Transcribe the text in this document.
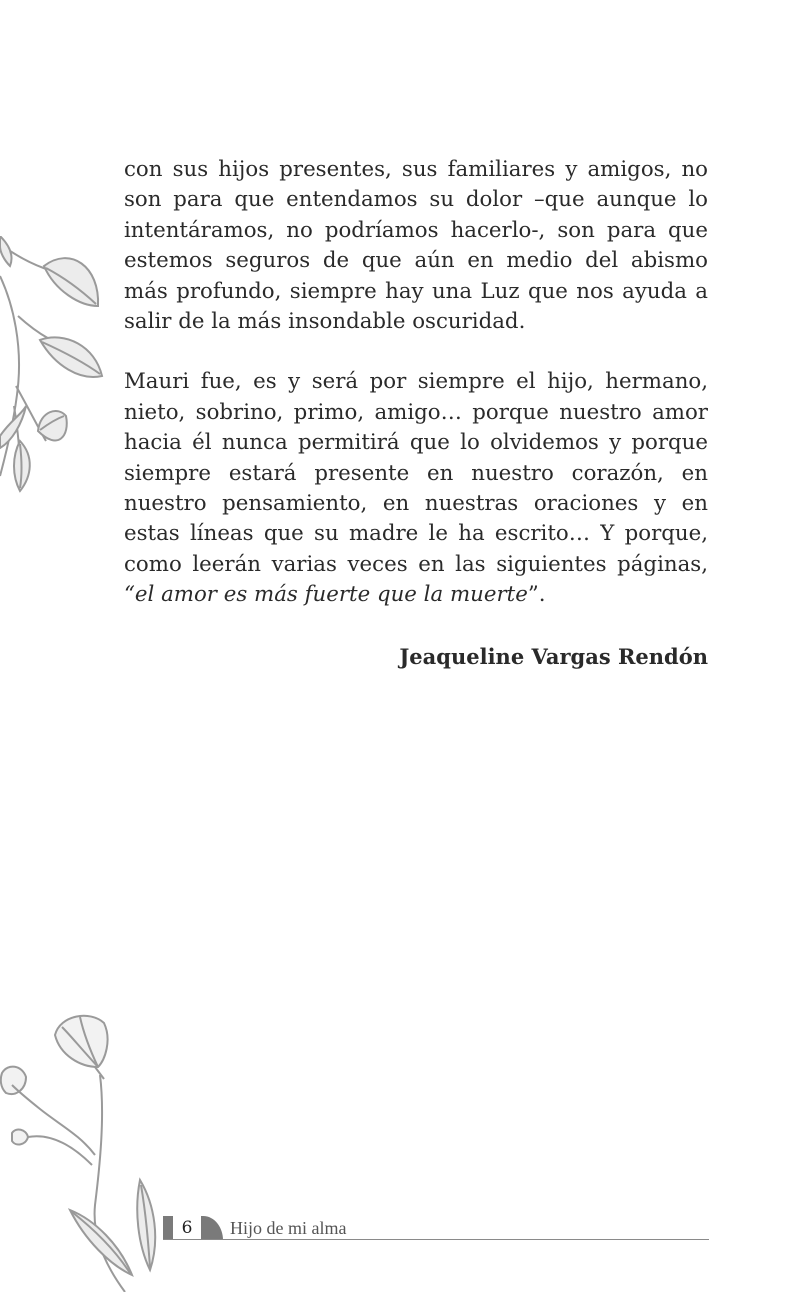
con sus hijos presentes, sus familiares y amigos, no son para que entendamos su dolor –que aunque lo intentáramos, no podríamos hacerlo-, son para que estemos seguros de que aún en medio del abismo más profundo, siempre hay una Luz que nos ayuda a salir de la más insondable oscuridad.

Mauri fue, es y será por siempre el hijo, hermano, nieto, sobrino, primo, amigo… porque nuestro amor hacia él nunca permitirá que lo olvidemos y porque siempre estará presente en nuestro corazón, en nuestro pensamiento, en nuestras oraciones y en estas líneas que su madre le ha escrito… Y porque, como leerán varias veces en las siguientes páginas, “el amor es más fuerte que la muerte”.

Jeaqueline Vargas Rendón
6 Hijo de mi alma
